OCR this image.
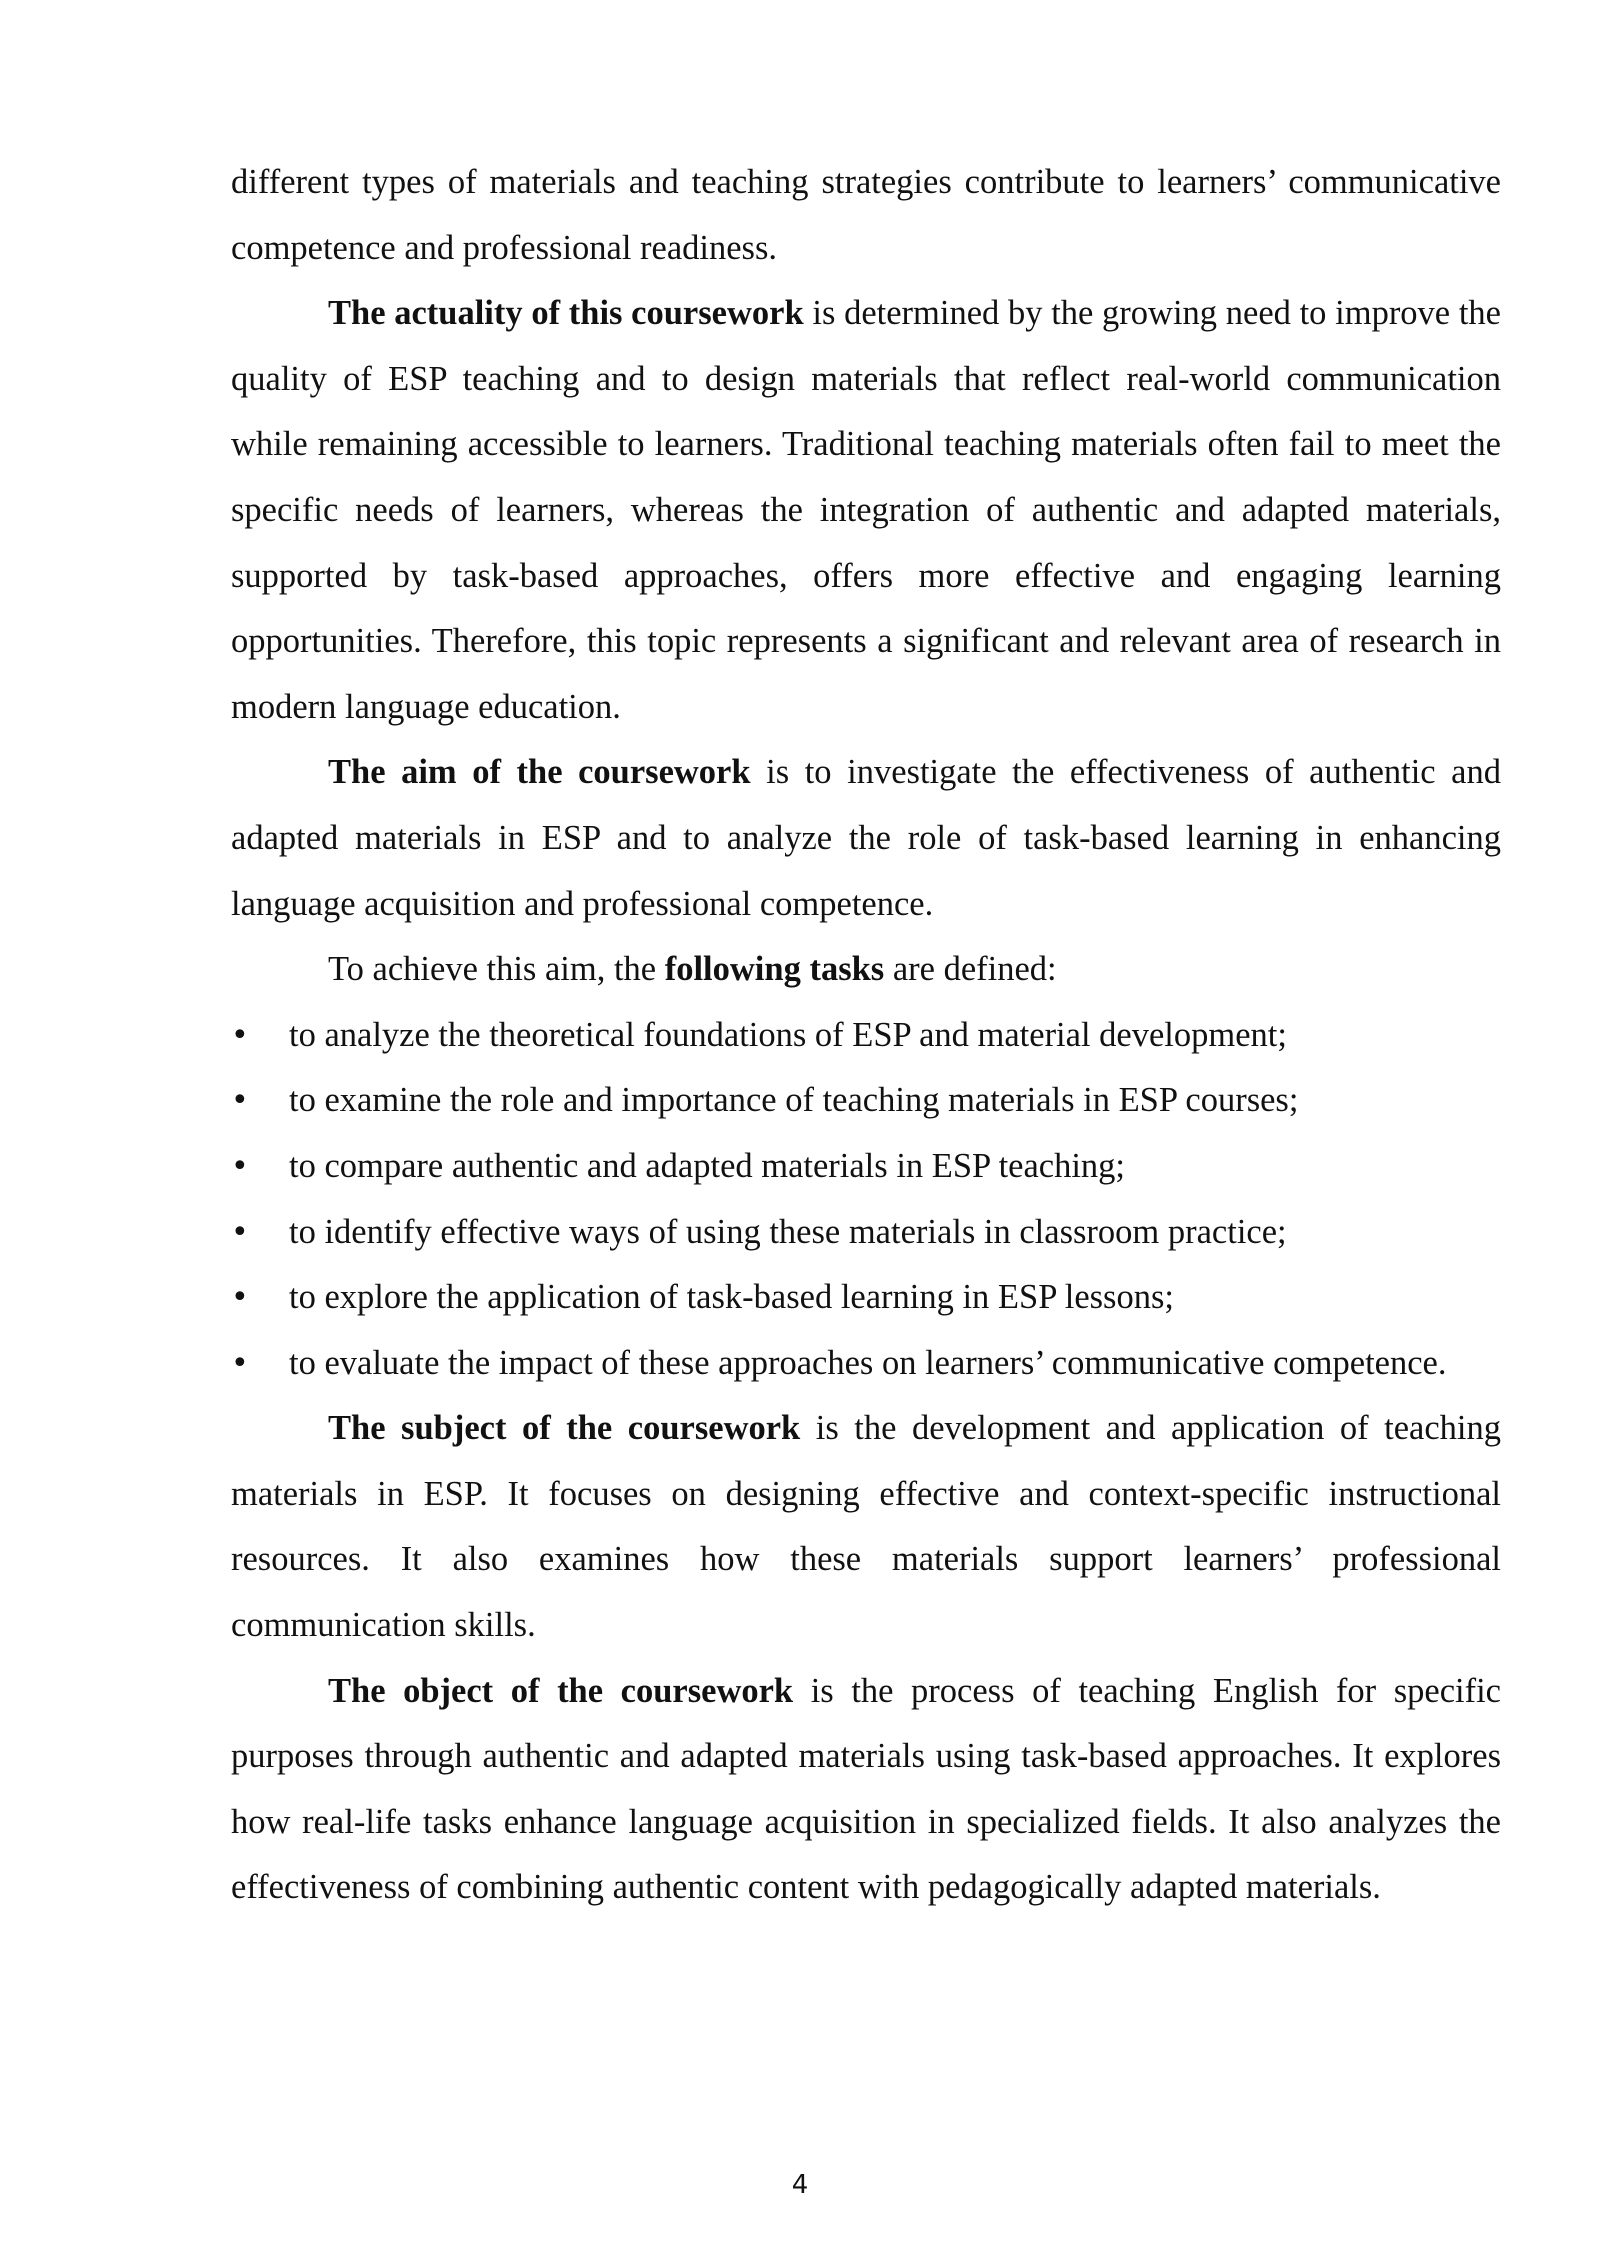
different types of materials and teaching strategies contribute to learners’ communicative competence and professional readiness.

The actuality of this coursework is determined by the growing need to improve the quality of ESP teaching and to design materials that reflect real-world communication while remaining accessible to learners. Traditional teaching materials often fail to meet the specific needs of learners, whereas the integration of authentic and adapted materials, supported by task-based approaches, offers more effective and engaging learning opportunities. Therefore, this topic represents a significant and relevant area of research in modern language education.

The aim of the coursework is to investigate the effectiveness of authentic and adapted materials in ESP and to analyze the role of task-based learning in enhancing language acquisition and professional competence.

To achieve this aim, the following tasks are defined:

• to analyze the theoretical foundations of ESP and material development;
• to examine the role and importance of teaching materials in ESP courses;
• to compare authentic and adapted materials in ESP teaching;
• to identify effective ways of using these materials in classroom practice;
• to explore the application of task-based learning in ESP lessons;
• to evaluate the impact of these approaches on learners’ communicative competence.

The subject of the coursework is the development and application of teaching materials in ESP. It focuses on designing effective and context-specific instructional resources. It also examines how these materials support learners’ professional communication skills.

The object of the coursework is the process of teaching English for specific purposes through authentic and adapted materials using task-based approaches. It explores how real-life tasks enhance language acquisition in specialized fields. It also analyzes the effectiveness of combining authentic content with pedagogically adapted materials.

4
